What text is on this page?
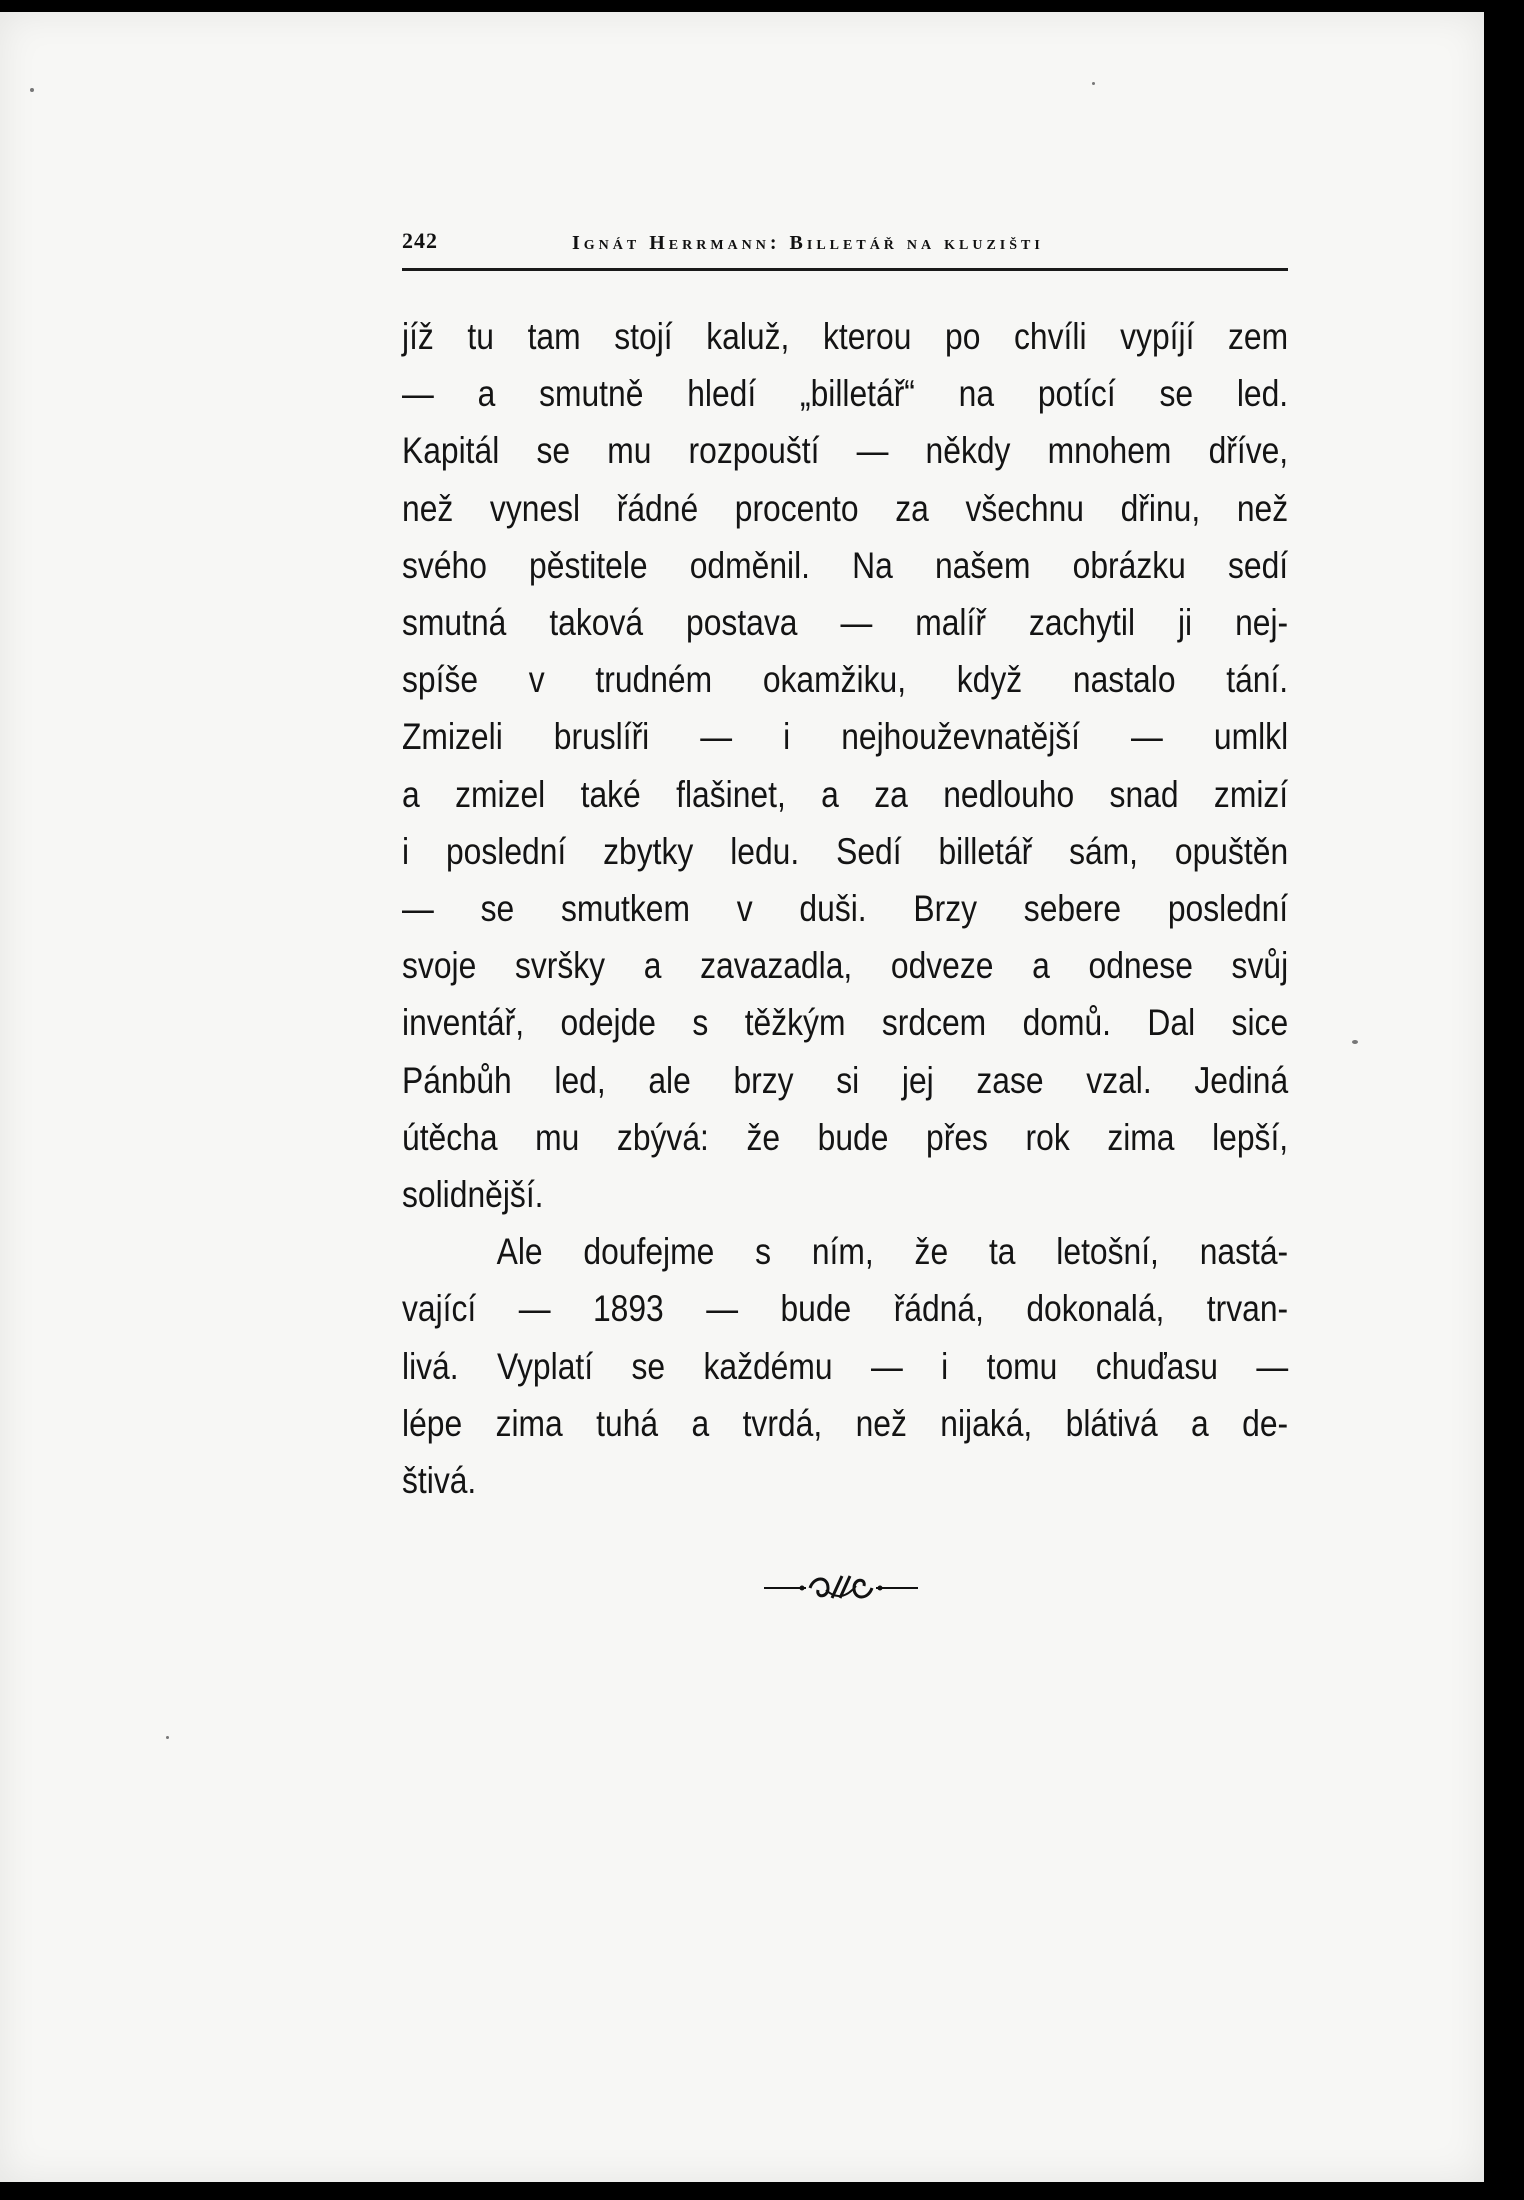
242	Ignát Herrmann: Billetář na kluzišti

jíž tu tam stojí kaluž, kterou po chvíli vypíjí zem
— a smutně hledí „billetář“ na potící se led.
Kapitál se mu rozpouští — někdy mnohem dříve,
než vynesl řádné procento za všechnu dřinu, než
svého pěstitele odměnil. Na našem obrázku sedí
smutná taková postava — malíř zachytil ji nej-
spíše v trudném okamžiku, když nastalo tání.
Zmizeli bruslíři — i nejhouževnatější — umlkl
a zmizel také flašinet, a za nedlouho snad zmizí
i poslední zbytky ledu. Sedí billetář sám, opuštěn
— se smutkem v duši. Brzy sebere poslední
svoje svršky a zavazadla, odveze a odnese svůj
inventář, odejde s těžkým srdcem domů. Dal sice
Pánbůh led, ale brzy si jej zase vzal. Jediná
útěcha mu zbývá: že bude přes rok zima lepší,
solidnější.

Ale doufejme s ním, že ta letošní, nastá-
vající — 1893 — bude řádná, dokonalá, trvan-
livá. Vyplatí se každému — i tomu chuďasu —
lépe zima tuhá a tvrdá, než nijaká, blátivá a de-
štivá.
